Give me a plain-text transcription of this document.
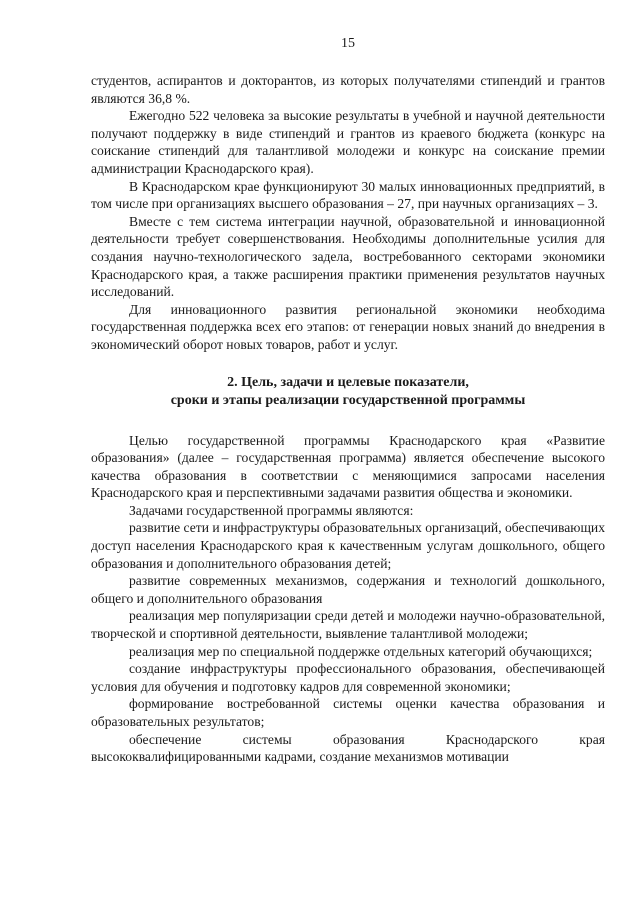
15

студентов, аспирантов и докторантов, из которых получателями стипендий и грантов являются 36,8 %.

Ежегодно 522 человека за высокие результаты в учебной и научной деятельности получают поддержку в виде стипендий и грантов из краевого бюджета (конкурс на соискание стипендий для талантливой молодежи и конкурс на соискание премии администрации Краснодарского края).

В Краснодарском крае функционируют 30 малых инновационных предприятий, в том числе при организациях высшего образования – 27, при научных организациях – 3.

Вместе с тем система интеграции научной, образовательной и инновационной деятельности требует совершенствования. Необходимы дополнительные усилия для создания научно-технологического задела, востребованного секторами экономики Краснодарского края, а также расширения практики применения результатов научных исследований.

Для инновационного развития региональной экономики необходима государственная поддержка всех его этапов: от генерации новых знаний до внедрения в экономический оборот новых товаров, работ и услуг.

2. Цель, задачи и целевые показатели,
сроки и этапы реализации государственной программы

Целью государственной программы Краснодарского края «Развитие образования» (далее – государственная программа) является обеспечение высокого качества образования в соответствии с меняющимися запросами населения Краснодарского края и перспективными задачами развития общества и экономики.

Задачами государственной программы являются:

развитие сети и инфраструктуры образовательных организаций, обеспечивающих доступ населения Краснодарского края к качественным услугам дошкольного, общего образования и дополнительного образования детей;

развитие современных механизмов, содержания и технологий дошкольного, общего и дополнительного образования

реализация мер популяризации среди детей и молодежи научно-образовательной, творческой и спортивной деятельности, выявление талантливой молодежи;

реализация мер по специальной поддержке отдельных категорий обучающихся;

создание инфраструктуры профессионального образования, обеспечивающей условия для обучения и подготовку кадров для современной экономики;

формирование востребованной системы оценки качества образования и образовательных результатов;

обеспечение системы образования Краснодарского края высококвалифицированными кадрами, создание механизмов мотивации
